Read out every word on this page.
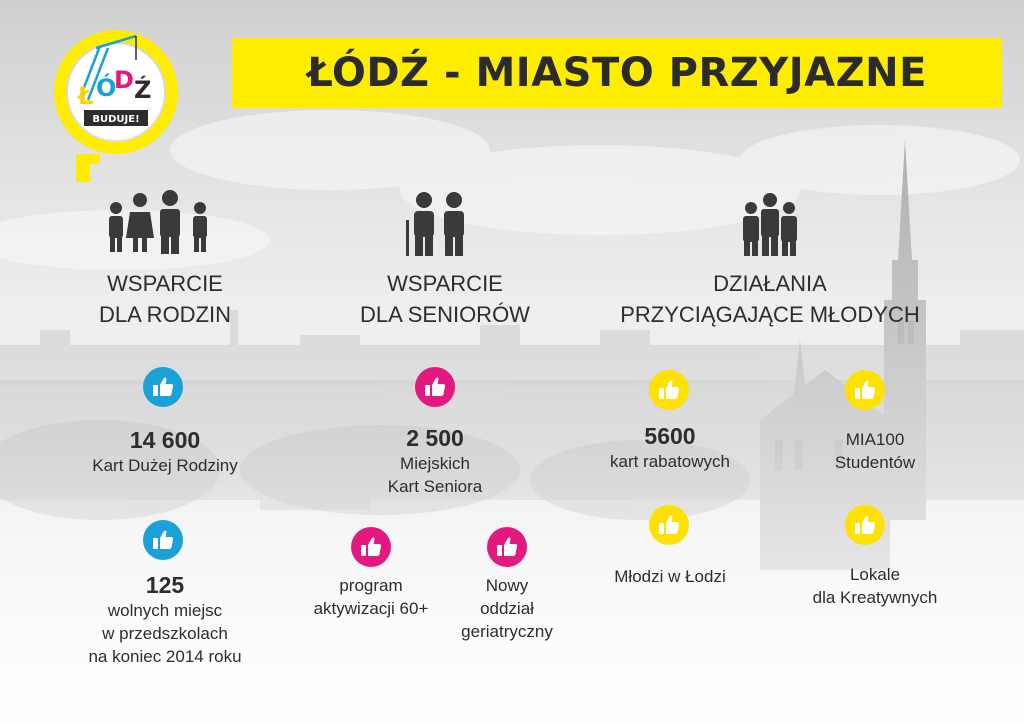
Ł Ó
D Ź
BUDUJE!
ŁÓDŹ - MIASTO PRZYJAZNE
WSPARCIE
DLA RODZIN
WSPARCIE
DLA SENIORÓW
DZIAŁANIA
PRZYCIĄGAJĄCE MŁODYCH
14 600
Kart Dużej Rodziny
125
wolnych miejsc
w przedszkolach
na koniec 2014 roku
2 500
Miejskich
Kart Seniora
program
aktywizacji 60+
Nowy
oddział
geriatryczny
5600
kart rabatowych
MIA100
Studentów
Młodzi w Łodzi	Lokale
dla Kreatywnych
